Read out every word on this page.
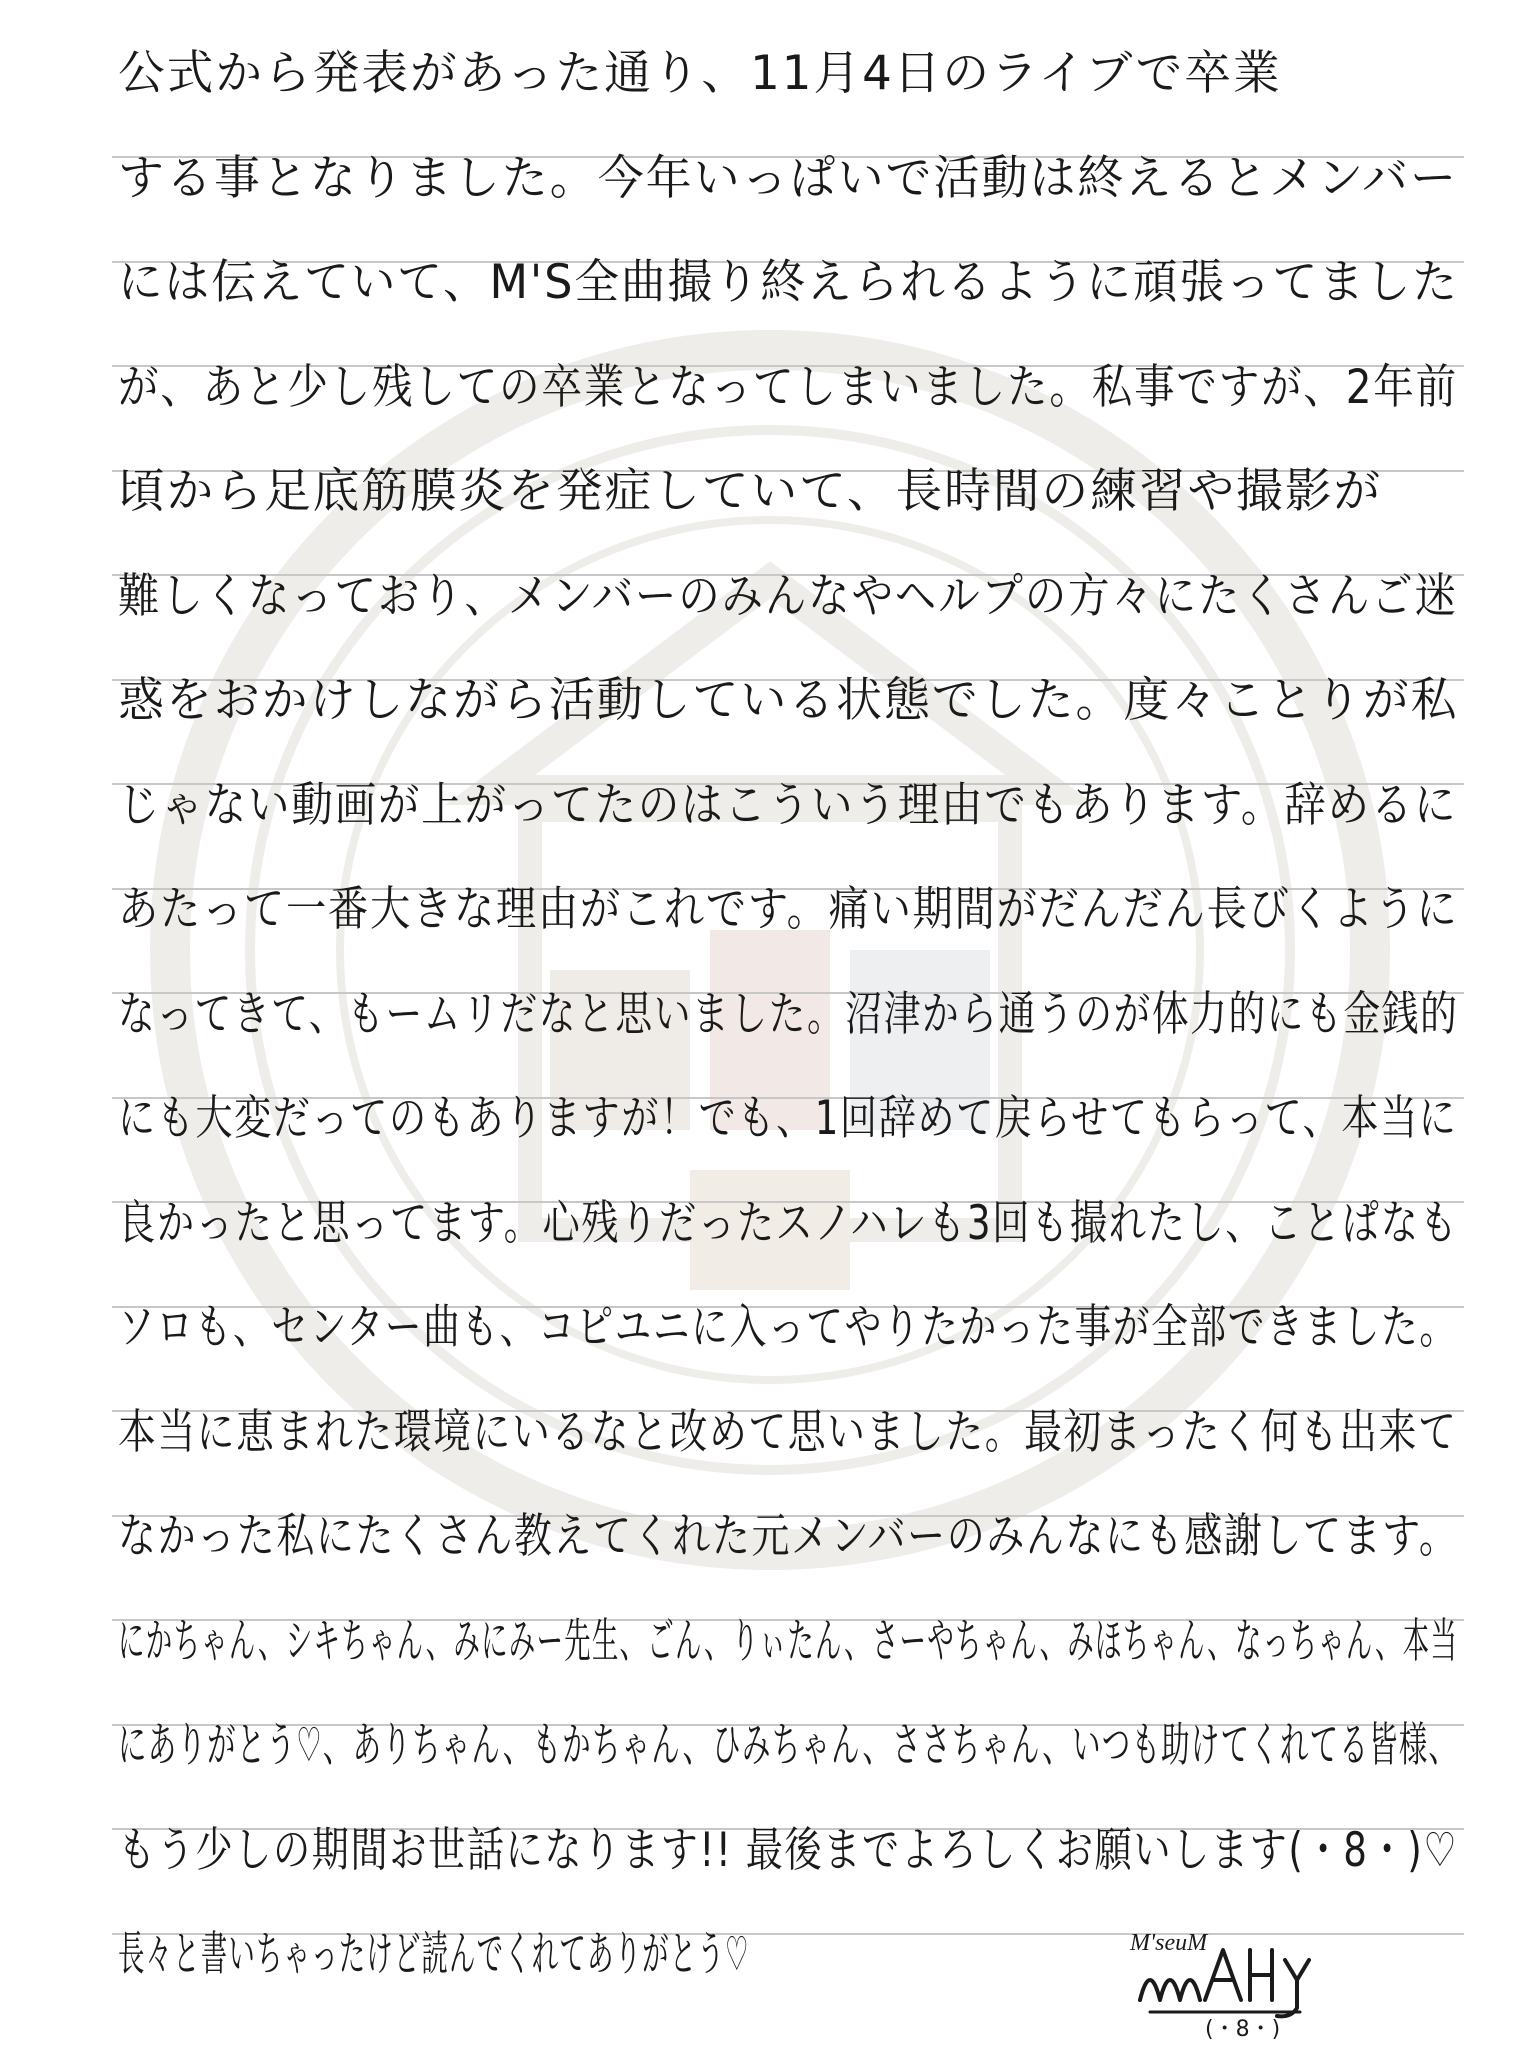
公式から発表があった通り、11月4日のライブで卒業
する事となりました。今年いっぱいで活動は終えるとメンバー
には伝えていて、M'S全曲撮り終えられるように頑張ってました
が、あと少し残しての卒業となってしまいました。私事ですが、2年前
頃から足底筋膜炎を発症していて、長時間の練習や撮影が
難しくなっており、メンバーのみんなやヘルプの方々にたくさんご迷
惑をおかけしながら活動している状態でした。度々ことりが私
じゃない動画が上がってたのはこういう理由でもあります。辞めるに
あたって一番大きな理由がこれです。痛い期間がだんだん長びくように
なってきて、もームリだなと思いました。沼津から通うのが体力的にも金銭的
にも大変だってのもありますが！でも、1回辞めて戻らせてもらって、本当に
良かったと思ってます。心残りだったスノハレも3回も撮れたし、ことぱなも
ソロも、センター曲も、コピユニに入ってやりたかった事が全部できました。
本当に恵まれた環境にいるなと改めて思いました。最初まったく何も出来て
なかった私にたくさん教えてくれた元メンバーのみんなにも感謝してます。
にかちゃん、シキちゃん、みにみー先生、ごん、りぃたん、さーやちゃん、みほちゃん、なっちゃん、本当
にありがとう♡、ありちゃん、もかちゃん、ひみちゃん、ささちゃん、いつも助けてくれてる皆様、
もう少しの期間お世話になります!! 最後までよろしくお願いします(・8・)♡
長々と書いちゃったけど読んでくれてありがとう♡	M'seuM
(・8・)
